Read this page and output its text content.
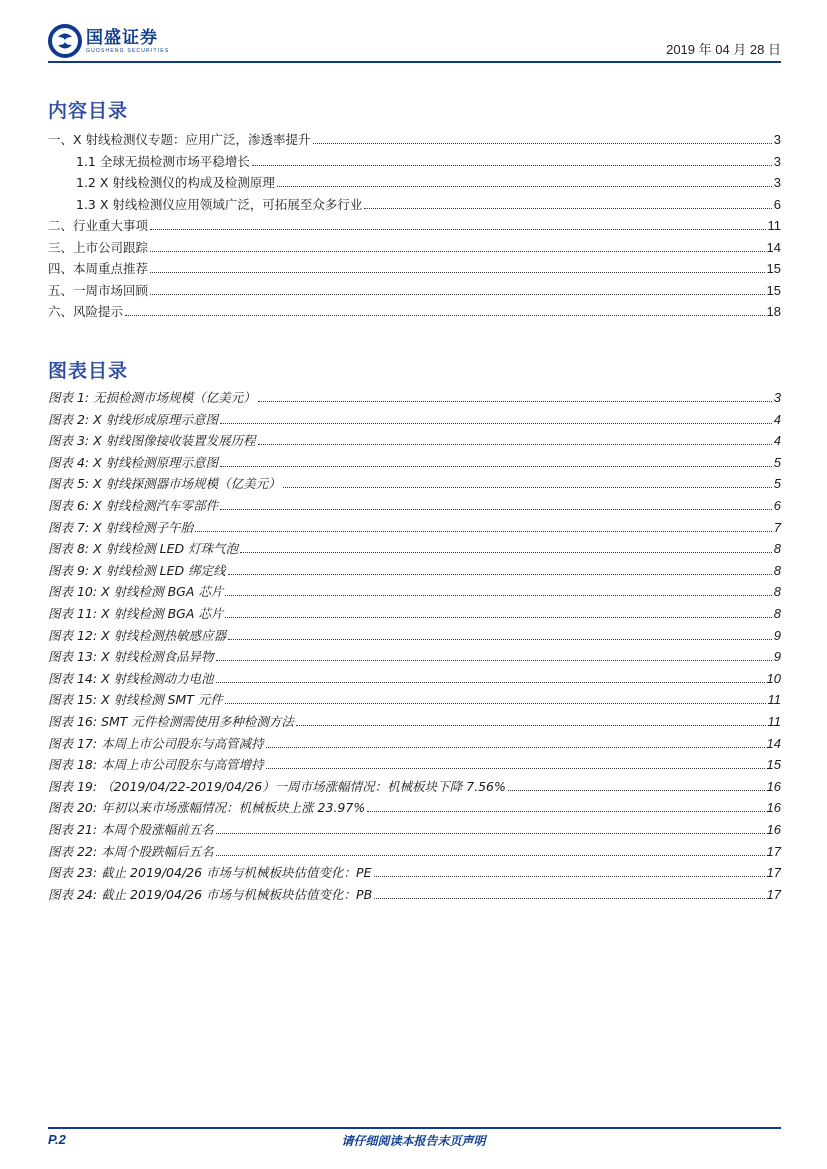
国盛证券
GUOSHENG SECURITIES	2019 年 04 月 28 日
内容目录
一、X 射线检测仪专题：应用广泛，渗透率提升	3
1.1 全球无损检测市场平稳增长	3
1.2 X 射线检测仪的构成及检测原理	3
1.3 X 射线检测仪应用领域广泛，可拓展至众多行业	6
二、行业重大事项	11
三、上市公司跟踪	14
四、本周重点推荐	15
五、一周市场回顾	15
六、风险提示	18
图表目录
图表 1: 无损检测市场规模（亿美元）	3
图表 2: X 射线形成原理示意图	4
图表 3: X 射线图像接收装置发展历程	4
图表 4: X 射线检测原理示意图	5
图表 5: X 射线探测器市场规模（亿美元）	5
图表 6: X 射线检测汽车零部件	6
图表 7: X 射线检测子午胎	7
图表 8: X 射线检测 LED 灯珠气泡	8
图表 9: X 射线检测 LED 绑定线	8
图表 10: X 射线检测 BGA 芯片	8
图表 11: X 射线检测 BGA 芯片	8
图表 12: X 射线检测热敏感应器	9
图表 13: X 射线检测食品异物	9
图表 14: X 射线检测动力电池	10
图表 15: X 射线检测 SMT 元件	11
图表 16: SMT 元件检测需使用多种检测方法	11
图表 17: 本周上市公司股东与高管减持	14
图表 18: 本周上市公司股东与高管增持	15
图表 19: （2019/04/22-2019/04/26）一周市场涨幅情况：机械板块下降 7.56%	16
图表 20: 年初以来市场涨幅情况：机械板块上涨 23.97%	16
图表 21: 本周个股涨幅前五名	16
图表 22: 本周个股跌幅后五名	17
图表 23: 截止 2019/04/26 市场与机械板块估值变化：PE	17
图表 24: 截止 2019/04/26 市场与机械板块估值变化：PB	17
P.2	请仔细阅读本报告末页声明
